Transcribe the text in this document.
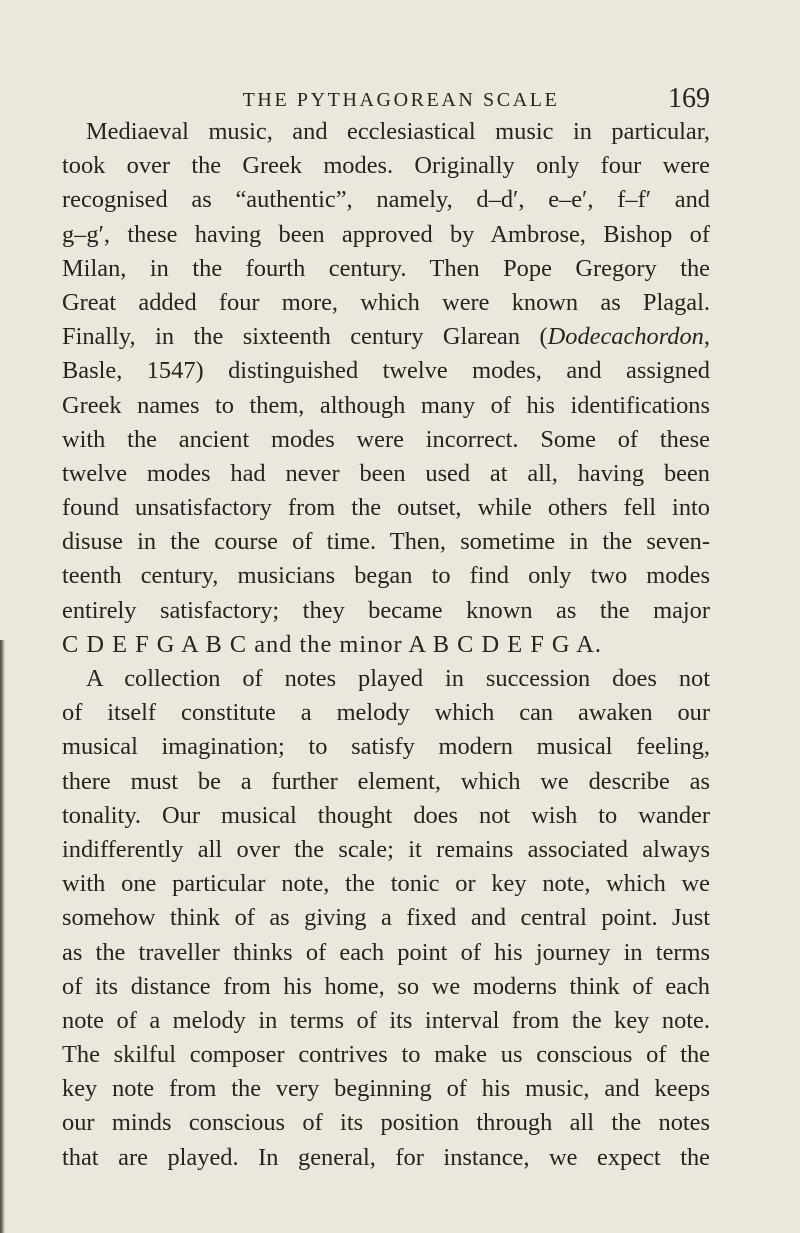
THE PYTHAGOREAN SCALE	169

Mediaeval music, and ecclesiastical music in particular,
took over the Greek modes. Originally only four were
recognised as “authentic”, namely, d–d′, e–e′, f–f′ and
g–g′, these having been approved by Ambrose, Bishop of
Milan, in the fourth century. Then Pope Gregory the
Great added four more, which were known as Plagal.
Finally, in the sixteenth century Glarean (Dodecachordon,
Basle, 1547) distinguished twelve modes, and assigned
Greek names to them, although many of his identifications
with the ancient modes were incorrect. Some of these
twelve modes had never been used at all, having been
found unsatisfactory from the outset, while others fell into
disuse in the course of time. Then, sometime in the seven-
teenth century, musicians began to find only two modes
entirely satisfactory; they became known as the major
C D E F G A B C and the minor A B C D E F G A.

A collection of notes played in succession does not
of itself constitute a melody which can awaken our
musical imagination; to satisfy modern musical feeling,
there must be a further element, which we describe as
tonality. Our musical thought does not wish to wander
indifferently all over the scale; it remains associated always
with one particular note, the tonic or key note, which we
somehow think of as giving a fixed and central point. Just
as the traveller thinks of each point of his journey in terms
of its distance from his home, so we moderns think of each
note of a melody in terms of its interval from the key note.
The skilful composer contrives to make us conscious of the
key note from the very beginning of his music, and keeps
our minds conscious of its position through all the notes
that are played. In general, for instance, we expect the
